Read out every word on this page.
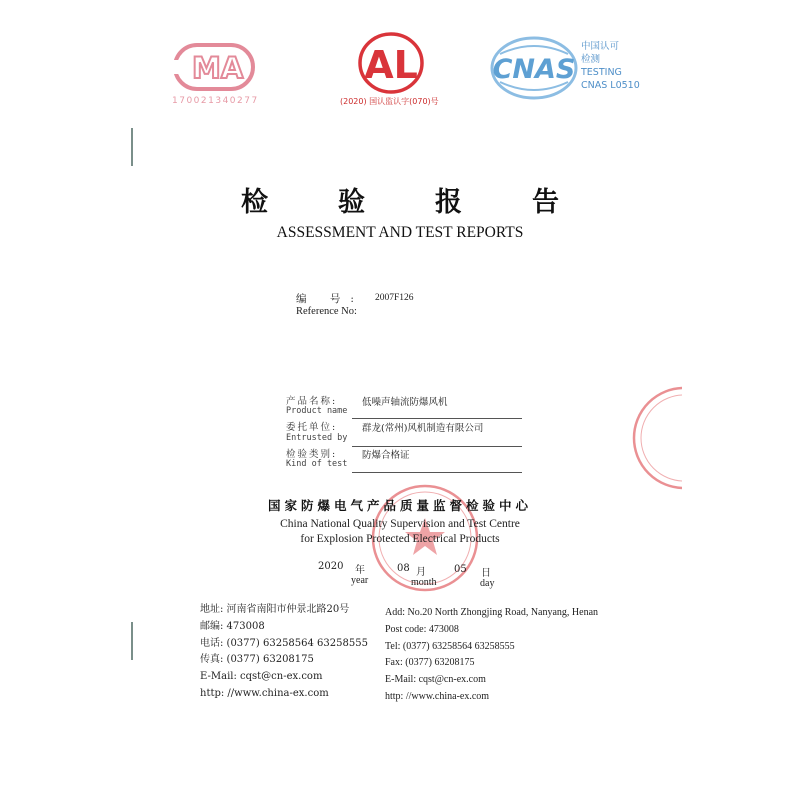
MA
170021340277
AL
(2020) 国认监认字(070)号
CNAS
中国认可
检测
TESTING
CNAS L0510
检验报告
ASSESSMENT AND TEST REPORTS
编 号: 2007F126
Reference No:
产品名称:	低噪声轴流防爆风机
Product name
委托单位:	群龙(常州)风机制造有限公司
Entrusted by
检验类别:	防爆合格证
Kind of test
国家防爆电气产品质量监督检验中心
China National Quality Supervision and Test Centre
for Explosion Protected Electrical Products
2020 年
year
08 月
month
05 日
day
地址: 河南省南阳市仲景北路20号
邮编: 473008
电话: (0377) 63258564 63258555
传真: (0377) 63208175
E-Mail: cqst@cn-ex.com
http: //www.china-ex.com
Add: No.20 North Zhongjing Road, Nanyang, Henan
Post code: 473008
Tel: (0377) 63258564 63258555
Fax: (0377) 63208175
E-Mail: cqst@cn-ex.com
http: //www.china-ex.com
